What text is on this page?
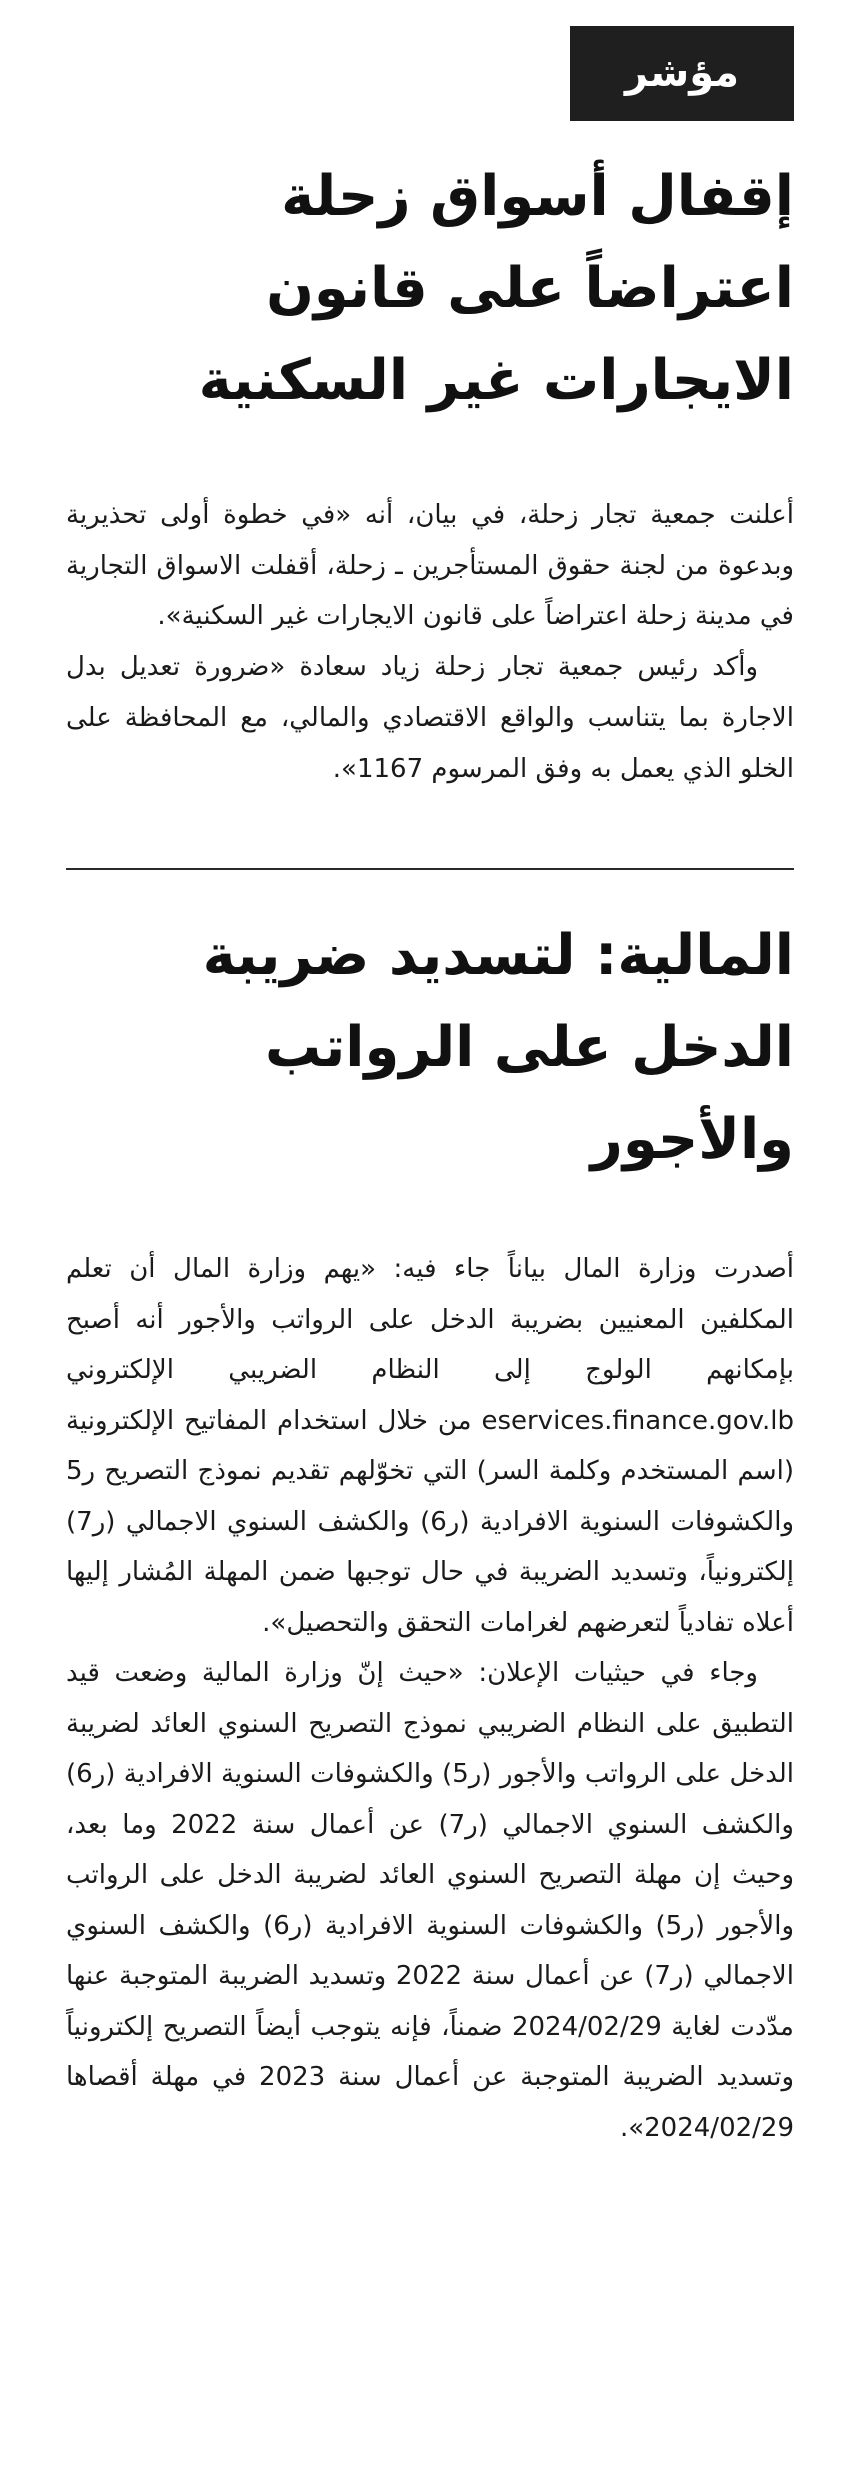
مؤشر
إقفال أسواق زحلة اعتراضاً على قانون الايجارات غير السكنية

أعلنت جمعية تجار زحلة، في بيان، أنه «في خطوة أولى تحذيرية وبدعوة من لجنة حقوق المستأجرين ـ زحلة، أقفلت الاسواق التجارية في مدينة زحلة اعتراضاً على قانون الايجارات غير السكنية».

وأكد رئيس جمعية تجار زحلة زياد سعادة «ضرورة تعديل بدل الاجارة بما يتناسب والواقع الاقتصادي والمالي، مع المحافظة على الخلو الذي يعمل به وفق المرسوم 1167».

المالية: لتسديد ضريبة الدخل على الرواتب والأجور

أصدرت وزارة المال بياناً جاء فيه: «يهم وزارة المال أن تعلم المكلفين المعنيين بضريبة الدخل على الرواتب والأجور أنه أصبح بإمكانهم الولوج إلى النظام الضريبي الإلكتروني eservices.finance.gov.lb من خلال استخدام المفاتيح الإلكترونية (اسم المستخدم وكلمة السر) التي تخوّلهم تقديم نموذج التصريح ر5 والكشوفات السنوية الافرادية (ر6) والكشف السنوي الاجمالي (ر7) إلكترونياً، وتسديد الضريبة في حال توجبها ضمن المهلة المُشار إليها أعلاه تفادياً لتعرضهم لغرامات التحقق والتحصيل».

وجاء في حيثيات الإعلان: «حيث إنّ وزارة المالية وضعت قيد التطبيق على النظام الضريبي نموذج التصريح السنوي العائد لضريبة الدخل على الرواتب والأجور (ر5) والكشوفات السنوية الافرادية (ر6) والكشف السنوي الاجمالي (ر7) عن أعمال سنة 2022 وما بعد، وحيث إن مهلة التصريح السنوي العائد لضريبة الدخل على الرواتب والأجور (ر5) والكشوفات السنوية الافرادية (ر6) والكشف السنوي الاجمالي (ر7) عن أعمال سنة 2022 وتسديد الضريبة المتوجبة عنها مدّدت لغاية 2024/02/29 ضمناً، فإنه يتوجب أيضاً التصريح إلكترونياً وتسديد الضريبة المتوجبة عن أعمال سنة 2023 في مهلة أقصاها 2024/02/29».
